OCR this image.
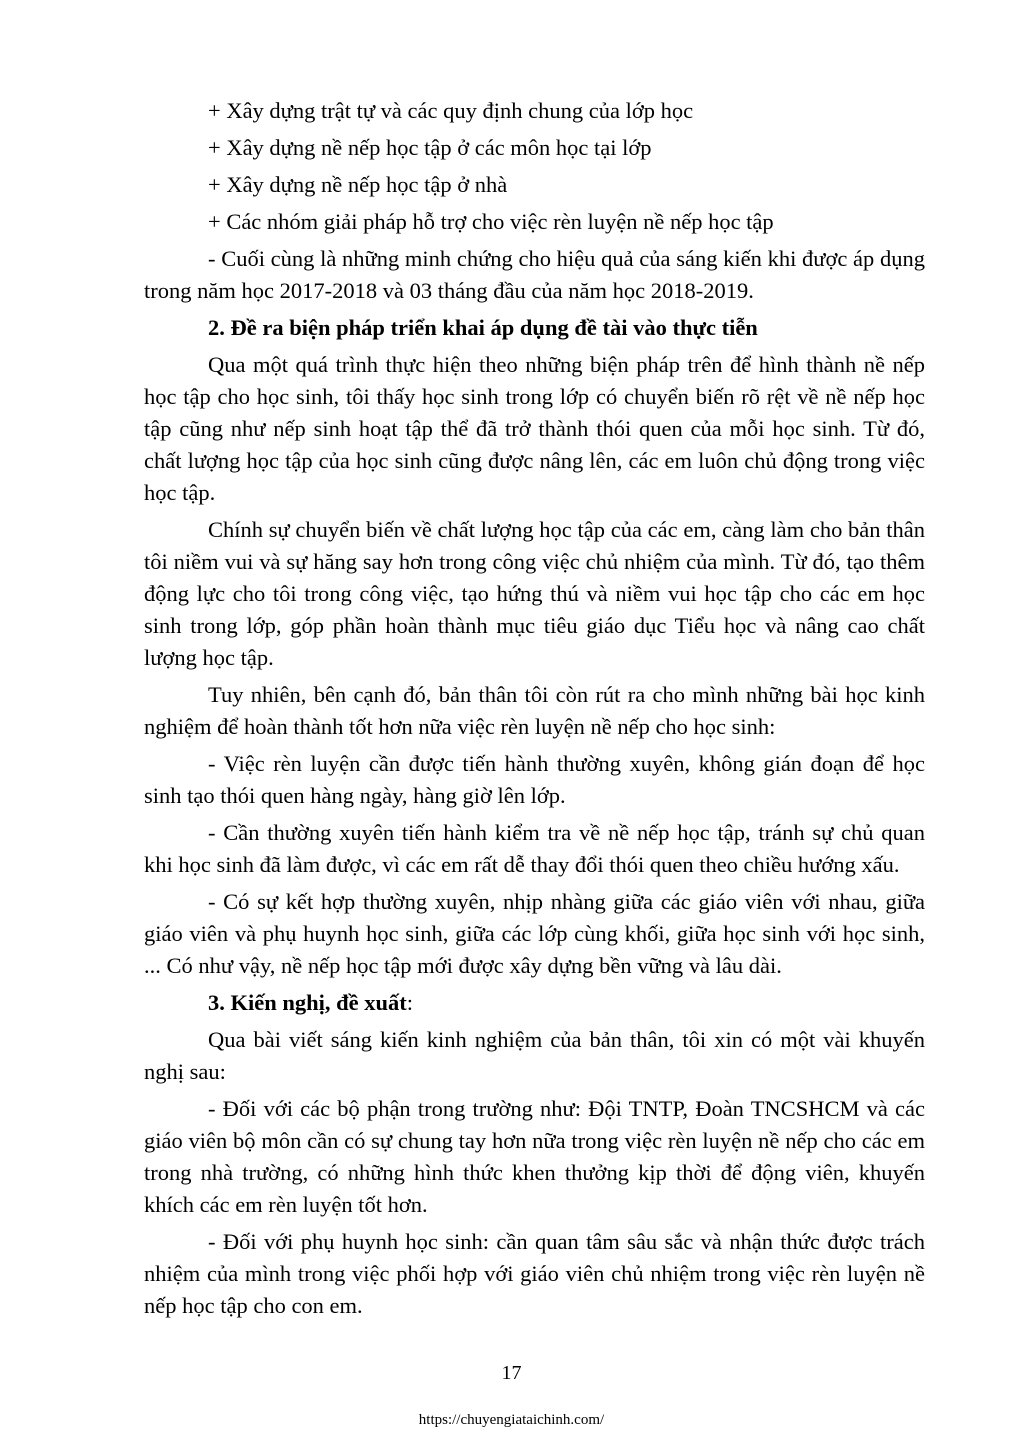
+ Xây dựng trật tự và các quy định chung của lớp học

+ Xây dựng nề nếp học tập ở các môn học tại lớp

+ Xây dựng nề nếp học tập ở nhà

+ Các nhóm giải pháp hỗ trợ cho việc rèn luyện nề nếp học tập

- Cuối cùng là những minh chứng cho hiệu quả của sáng kiến khi được áp dụng trong năm học 2017-2018 và 03 tháng đầu của năm học 2018-2019.

2. Đề ra biện pháp triển khai áp dụng đề tài vào thực tiễn

Qua một quá trình thực hiện theo những biện pháp trên để hình thành nề nếp học tập cho học sinh, tôi thấy học sinh trong lớp có chuyển biến rõ rệt về nề nếp học tập cũng như nếp sinh hoạt tập thể đã trở thành thói quen của mỗi học sinh. Từ đó, chất lượng học tập của học sinh cũng được nâng lên, các em luôn chủ động trong việc học tập.

Chính sự chuyển biến về chất lượng học tập của các em, càng làm cho bản thân tôi niềm vui và sự hăng say hơn trong công việc chủ nhiệm của mình. Từ đó, tạo thêm động lực cho tôi trong công việc, tạo hứng thú và niềm vui học tập cho các em học sinh trong lớp, góp phần hoàn thành mục tiêu giáo dục Tiểu học và nâng cao chất lượng học tập.

Tuy nhiên, bên cạnh đó, bản thân tôi còn rút ra cho mình những bài học kinh nghiệm để hoàn thành tốt hơn nữa việc rèn luyện nề nếp cho học sinh:

- Việc rèn luyện cần được tiến hành thường xuyên, không gián đoạn để học sinh tạo thói quen hàng ngày, hàng giờ lên lớp.

- Cần thường xuyên tiến hành kiểm tra về nề nếp học tập, tránh sự chủ quan khi học sinh đã làm được, vì các em rất dễ thay đổi thói quen theo chiều hướng xấu.

- Có sự kết hợp thường xuyên, nhịp nhàng giữa các giáo viên với nhau, giữa giáo viên và phụ huynh học sinh, giữa các lớp cùng khối, giữa học sinh với học sinh, ... Có như vậy, nề nếp học tập mới được xây dựng bền vững và lâu dài.

3. Kiến nghị, đề xuất:

Qua bài viết sáng kiến kinh nghiệm của bản thân, tôi xin có một vài khuyến nghị sau:

- Đối với các bộ phận trong trường như: Đội TNTP, Đoàn TNCSHCM và các giáo viên bộ môn cần có sự chung tay hơn nữa trong việc rèn luyện nề nếp cho các em trong nhà trường, có những hình thức khen thưởng kịp thời để động viên, khuyến khích các em rèn luyện tốt hơn.

- Đối với phụ huynh học sinh: cần quan tâm sâu sắc và nhận thức được trách nhiệm của mình trong việc phối hợp với giáo viên chủ nhiệm trong việc rèn luyện nề nếp học tập cho con em.

17
https://chuyengiataichinh.com/
